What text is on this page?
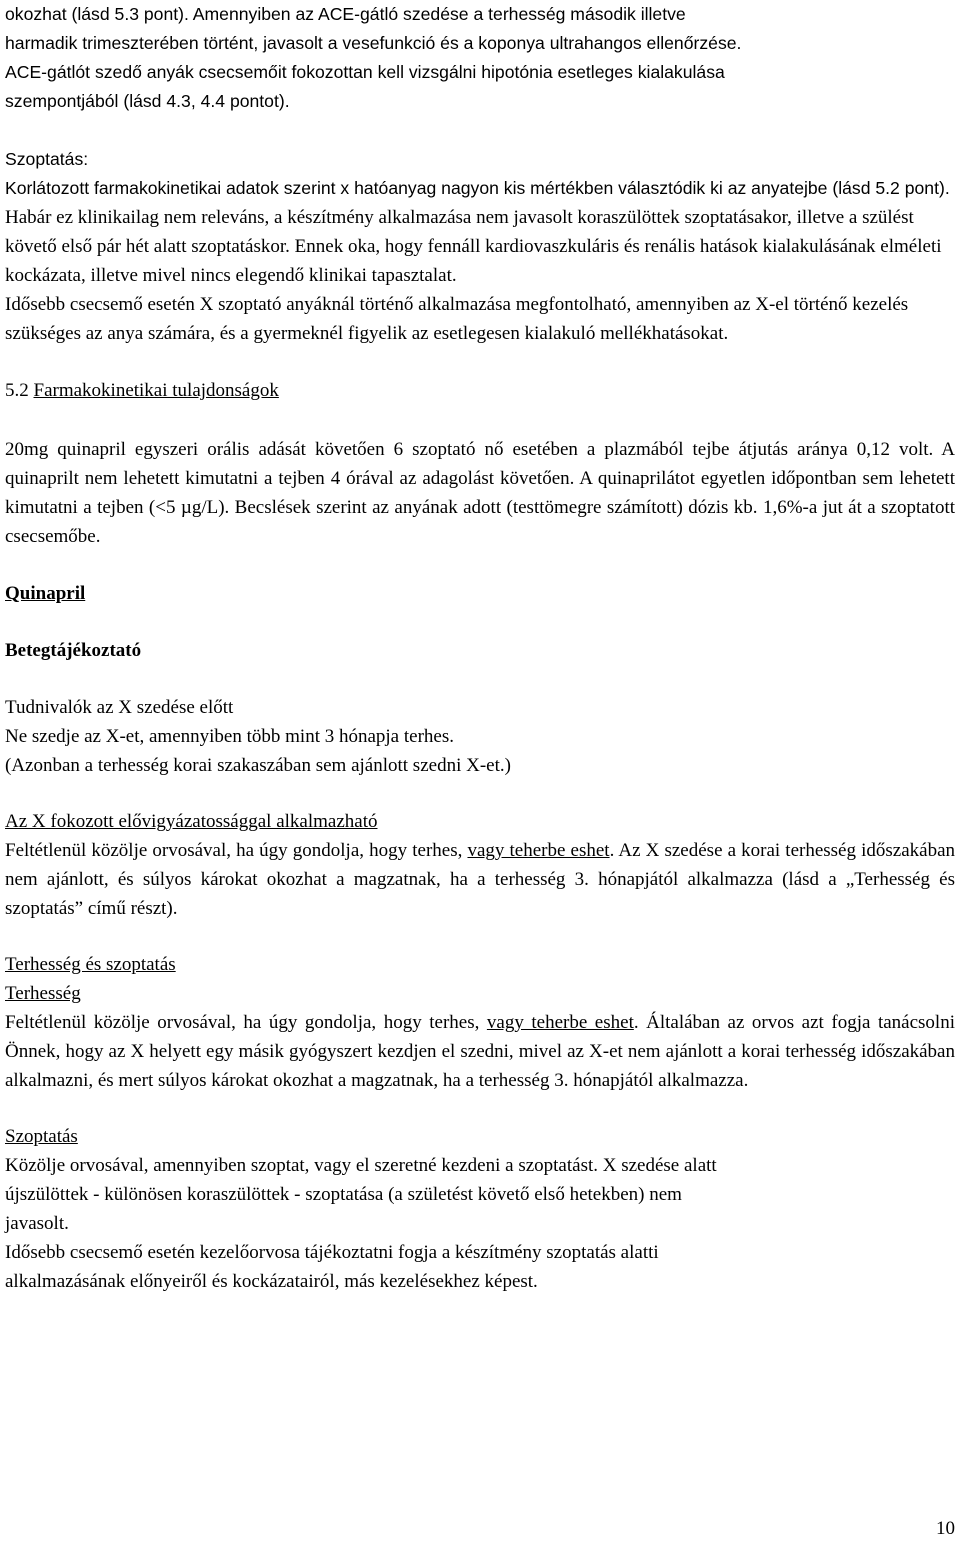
okozhat (lásd 5.3 pont). Amennyiben az ACE-gátló szedése a terhesség második illetve

harmadik trimeszterében történt, javasolt a vesefunkció és a koponya ultrahangos ellenőrzése.

ACE-gátlót szedő anyák csecsemőit fokozottan kell vizsgálni hipotónia esetleges kialakulása

szempontjából (lásd 4.3, 4.4 pontot).

Szoptatás:

Korlátozott farmakokinetikai adatok szerint x hatóanyag nagyon kis mértékben választódik ki az anyatejbe (lásd 5.2 pont). Habár ez klinikailag nem releváns, a készítmény alkalmazása nem javasolt koraszülöttek szoptatásakor, illetve a szülést követő első pár hét alatt szoptatáskor. Ennek oka, hogy fennáll kardiovaszkuláris és renális hatások kialakulásának elméleti kockázata, illetve mivel nincs elegendő klinikai tapasztalat.

Idősebb csecsemő esetén X szoptató anyáknál történő alkalmazása megfontolható, amennyiben az X-el történő kezelés szükséges az anya számára, és a gyermeknél figyelik az esetlegesen kialakuló mellékhatásokat.

5.2 Farmakokinetikai tulajdonságok

20mg quinapril egyszeri orális adását követően 6 szoptató nő esetében a plazmából tejbe átjutás aránya 0,12 volt. A quinaprilt nem lehetett kimutatni a tejben 4 órával az adagolást követően. A quinaprilátot egyetlen időpontban sem lehetett kimutatni a tejben (<5 µg/L). Becslések szerint az anyának adott (testtömegre számított) dózis kb. 1,6%-a jut át a szoptatott csecsemőbe.

Quinapril

Betegtájékoztató

Tudnivalók az X szedése előtt

Ne szedje az X-et, amennyiben több mint 3 hónapja terhes.

(Azonban a terhesség korai szakaszában sem ajánlott szedni X-et.)

Az X fokozott elővigyázatossággal alkalmazható

Feltétlenül közölje orvosával, ha úgy gondolja, hogy terhes, vagy teherbe eshet. Az X szedése a korai terhesség időszakában nem ajánlott, és súlyos károkat okozhat a magzatnak, ha a terhesség 3. hónapjától alkalmazza (lásd a „Terhesség és szoptatás” című részt).

Terhesség és szoptatás

Terhesség

Feltétlenül közölje orvosával, ha úgy gondolja, hogy terhes, vagy teherbe eshet. Általában az orvos azt fogja tanácsolni Önnek, hogy az X helyett egy másik gyógyszert kezdjen el szedni, mivel az X-et nem ajánlott a korai terhesség időszakában alkalmazni, és mert súlyos károkat okozhat a magzatnak, ha a terhesség 3. hónapjától alkalmazza.

Szoptatás

Közölje orvosával, amennyiben szoptat, vagy el szeretné kezdeni a szoptatást. X szedése alatt

újszülöttek - különösen koraszülöttek - szoptatása (a születést követő első hetekben) nem

javasolt.

Idősebb csecsemő esetén kezelőorvosa tájékoztatni fogja a készítmény szoptatás alatti

alkalmazásának előnyeiről és kockázatairól, más kezelésekhez képest.

10
